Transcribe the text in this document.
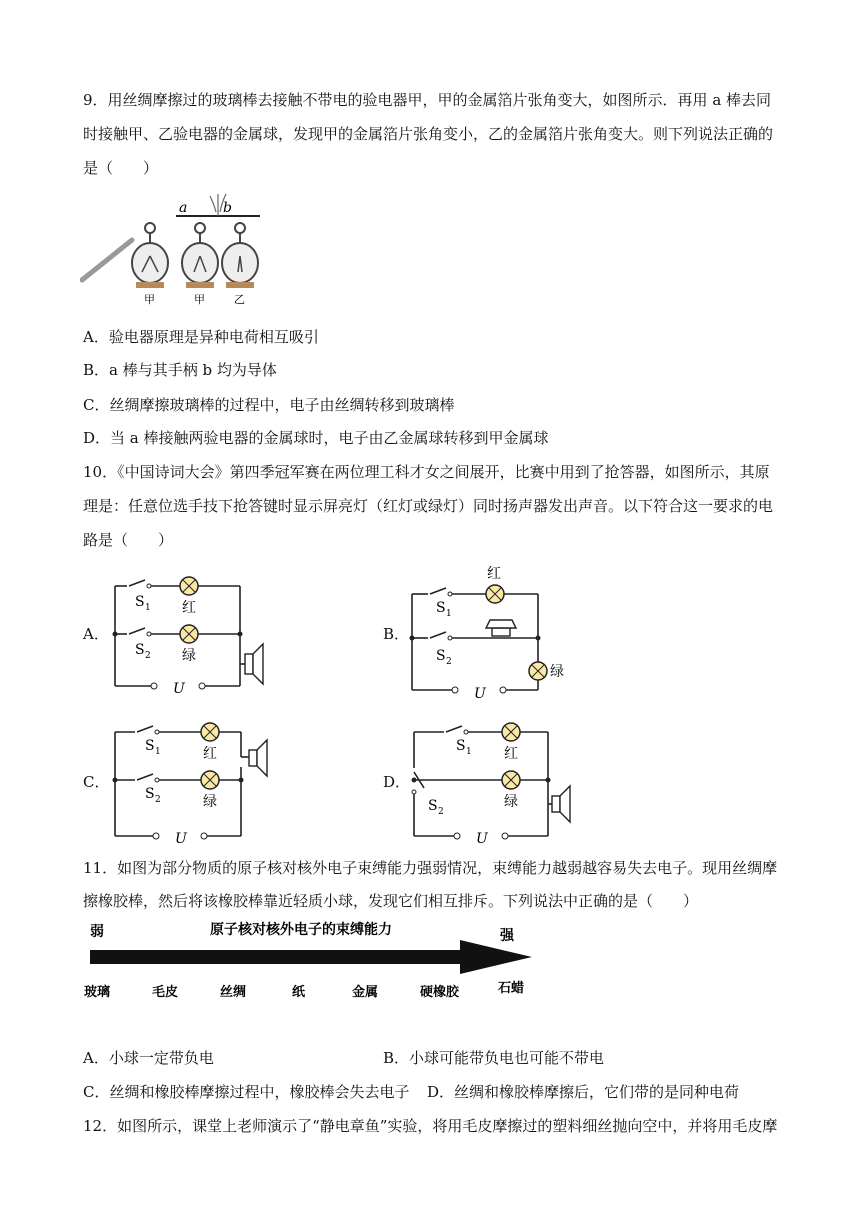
9．用丝绸摩擦过的玻璃棒去接触不带电的验电器甲，甲的金属箔片张角变大，如图所示．再用 a 棒去同
时接触甲、乙验电器的金属球，发现甲的金属箔片张角变小，乙的金属箔片张角变大。则下列说法正确的
是（　　）
a	b
甲	甲	乙
A．验电器原理是异种电荷相互吸引
B．a 棒与其手柄 b 均为导体
C．丝绸摩擦玻璃棒的过程中，电子由丝绸转移到玻璃棒
D．当 a 棒接触两验电器的金属球时，电子由乙金属球转移到甲金属球
10．《中国诗词大会》第四季冠军赛在两位理工科才女之间展开，比赛中用到了抢答器，如图所示，其原
理是：任意位选手技下抢答键时显示屏亮灯（红灯或绿灯）同时扬声器发出声音。以下符合这一要求的电
路是（　　）
A．
S 1
S 2
红
绿
U
B．
S 1
S 2
红
绿
U
C．
S 1
S 2
红
绿
U
D．
S 1
S 2
红
绿
U
11．如图为部分物质的原子核对核外电子束缚能力强弱情况，束缚能力越弱越容易失去电子。现用丝绸摩
擦橡胶棒，然后将该橡胶棒靠近轻质小球，发现它们相互排斥。下列说法中正确的是（　　）
弱	原子核对核外电子的束缚能力	强
玻璃	毛皮	丝绸	纸	金属	硬橡胶	石蜡
A．小球一定带负电	B．小球可能带负电也可能不带电
C．丝绸和橡胶棒摩擦过程中，橡胶棒会失去电子 D．丝绸和橡胶棒摩擦后，它们带的是同种电荷
12．如图所示，课堂上老师演示了“静电章鱼”实验，将用毛皮摩擦过的塑料细丝抛向空中，并将用毛皮摩
